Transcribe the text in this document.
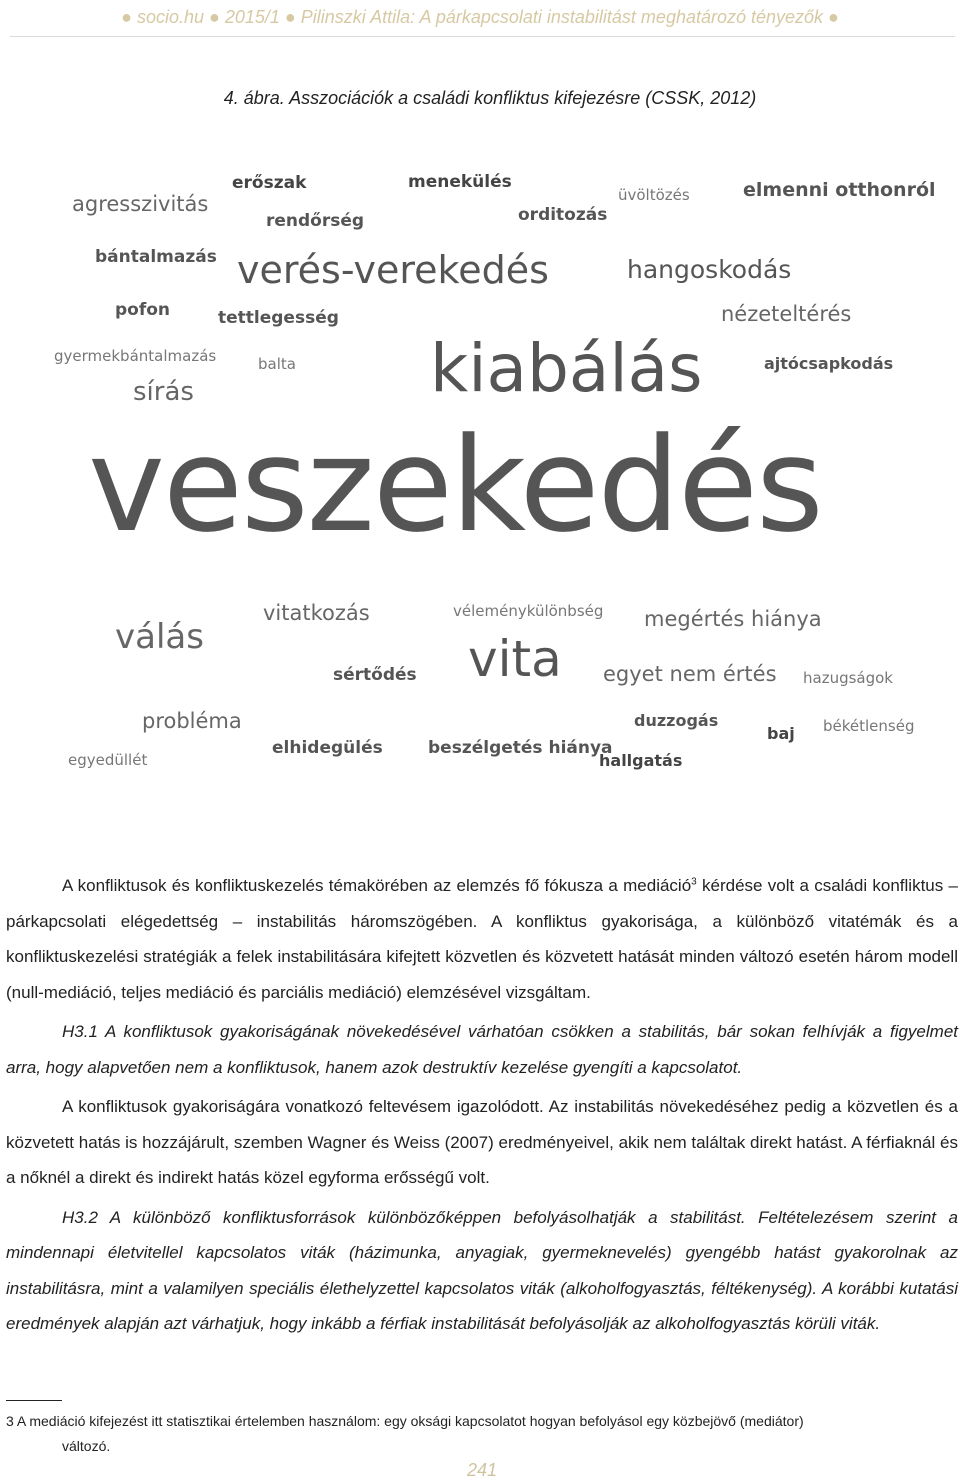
● socio.hu ● 2015/1 ● Pilinszki Attila: A párkapcsolati instabilitást meghatározó tényezők ●
4. ábra. Asszociációk a családi konfliktus kifejezésre (CSSK, 2012)
agresszivitás
erőszak	menekülés
üvöltözés	elmenni otthonról
rendőrség	orditozás
bántalmazás verés-verekedés	hangoskodás
pofon	tettlegesség	nézeteltérés
gyermekbántalmazás	balta kiabálás	ajtócsapkodás
sírás
veszekedés
vitatkozás	véleménykülönbség megértés hiánya
válás
sértődés vita egyet nem értés hazugságok
probléma	duzzogás
baj békétlenség
elhidegülés	beszélgetés hiánya
egyedüllét	hallgatás

A konfliktusok és konfliktuskezelés témakörében az elemzés fő fókusza a mediáció$^3$ kérdése volt a családi konfliktus – párkapcsolati elégedettség – instabilitás háromszögében. A konfliktus gyakorisága, a különböző vitatémák és a konfliktuskezelési stratégiák a felek instabilitására kifejtett közvetlen és közvetett hatását minden változó esetén három modell (null-mediáció, teljes mediáció és parciális mediáció) elemzésével vizsgáltam.

H3.1 A konfliktusok gyakoriságának növekedésével várhatóan csökken a stabilitás, bár sokan felhívják a figyelmet arra, hogy alapvetően nem a konfliktusok, hanem azok destruktív kezelése gyengíti a kapcsolatot.

A konfliktusok gyakoriságára vonatkozó feltevésem igazolódott. Az instabilitás növekedéséhez pedig a közvetlen és a közvetett hatás is hozzájárult, szemben Wagner és Weiss (2007) eredményeivel, akik nem találtak direkt hatást. A férfiaknál és a nőknél a direkt és indirekt hatás közel egyforma erősségű volt.

H3.2 A különböző konfliktusforrások különbözőképpen befolyásolhatják a stabilitást. Feltételezésem szerint a mindennapi életvitellel kapcsolatos viták (házimunka, anyagiak, gyermeknevelés) gyengébb hatást gyakorolnak az instabilitásra, mint a valamilyen speciális élethelyzettel kapcsolatos viták (alkoholfogyasztás, féltékenység). A korábbi kutatási eredmények alapján azt várhatjuk, hogy inkább a férfiak instabilitását befolyásolják az alkoholfogyasztás körüli viták.

3 A mediáció kifejezést itt statisztikai értelemben használom: egy oksági kapcsolatot hogyan befolyásol egy közbejövő (mediátor)
változó.
241
